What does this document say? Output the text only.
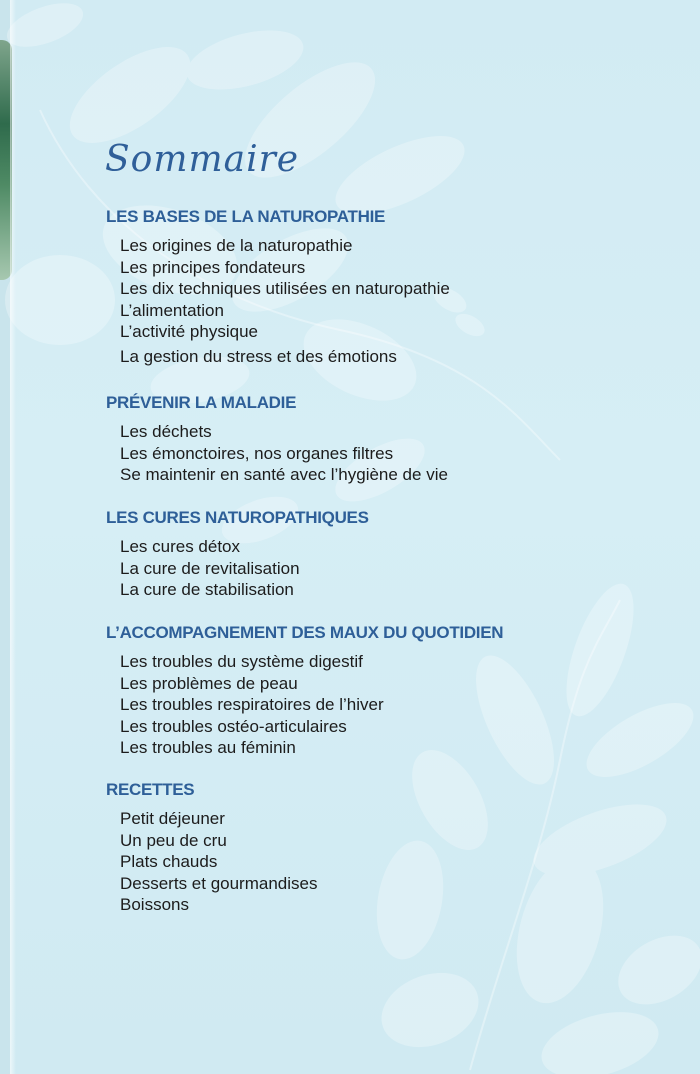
Sommaire
LES BASES DE LA NATUROPATHIE
Les origines de la naturopathie
Les principes fondateurs
Les dix techniques utilisées en naturopathie
L’alimentation
L’activité physique
La gestion du stress et des émotions
PRÉVENIR LA MALADIE
Les déchets
Les émonctoires, nos organes filtres
Se maintenir en santé avec l’hygiène de vie
LES CURES NATUROPATHIQUES
Les cures détox
La cure de revitalisation
La cure de stabilisation
L’ACCOMPAGNEMENT DES MAUX DU QUOTIDIEN
Les troubles du système digestif
Les problèmes de peau
Les troubles respiratoires de l’hiver
Les troubles ostéo-articulaires
Les troubles au féminin
RECETTES
Petit déjeuner
Un peu de cru
Plats chauds
Desserts et gourmandises
Boissons
